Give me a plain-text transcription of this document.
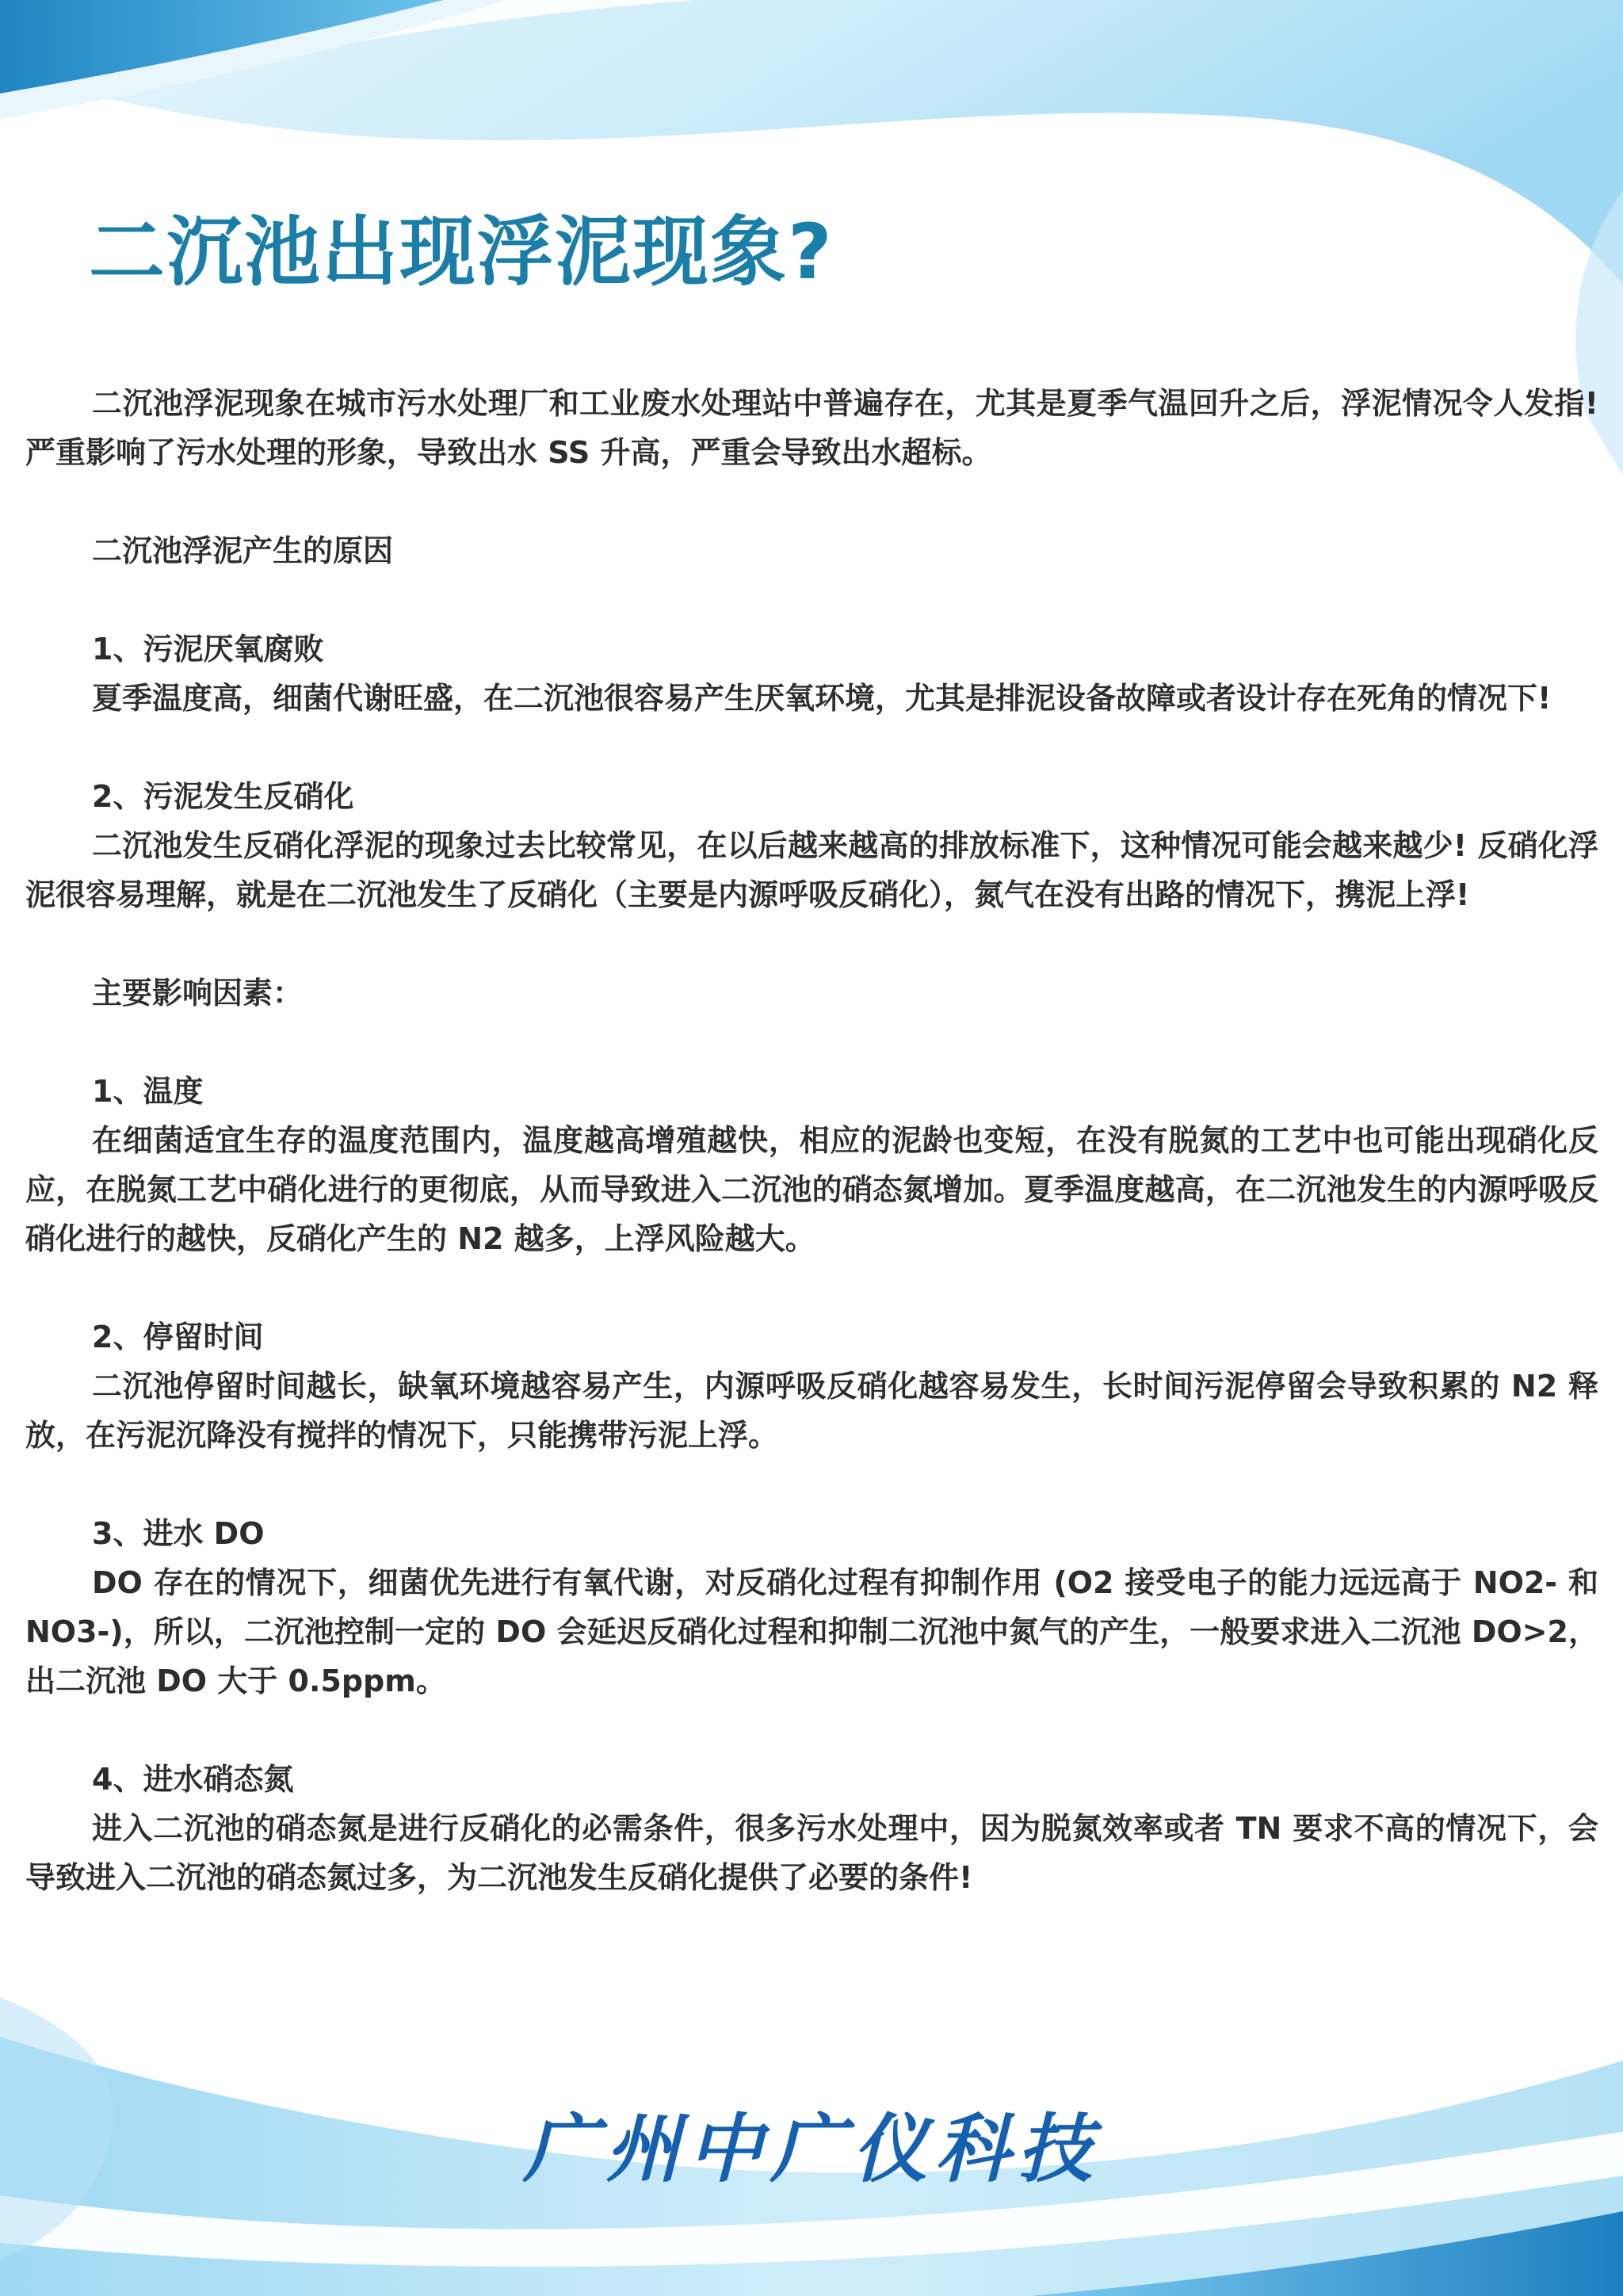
二沉池出现浮泥现象?

二沉池浮泥现象在城市污水处理厂和工业废水处理站中普遍存在，尤其是夏季气温回升之后，浮泥情况令人发指! 严重影响了污水处理的形象，导致出水 SS 升高，严重会导致出水超标。

二沉池浮泥产生的原因

1、污泥厌氧腐败

夏季温度高，细菌代谢旺盛，在二沉池很容易产生厌氧环境，尤其是排泥设备故障或者设计存在死角的情况下!

2、污泥发生反硝化

二沉池发生反硝化浮泥的现象过去比较常见，在以后越来越高的排放标准下，这种情况可能会越来越少! 反硝化浮泥很容易理解，就是在二沉池发生了反硝化（主要是内源呼吸反硝化），氮气在没有出路的情况下，携泥上浮!

主要影响因素：

1、温度

在细菌适宜生存的温度范围内，温度越高增殖越快，相应的泥龄也变短，在没有脱氮的工艺中也可能出现硝化反应，在脱氮工艺中硝化进行的更彻底，从而导致进入二沉池的硝态氮增加。夏季温度越高，在二沉池发生的内源呼吸反硝化进行的越快，反硝化产生的 N2 越多，上浮风险越大。

2、停留时间

二沉池停留时间越长，缺氧环境越容易产生，内源呼吸反硝化越容易发生，长时间污泥停留会导致积累的 N2 释放，在污泥沉降没有搅拌的情况下，只能携带污泥上浮。

3、进水 DO

DO 存在的情况下，细菌优先进行有氧代谢，对反硝化过程有抑制作用 (O2 接受电子的能力远远高于 NO2- 和 NO3-)，所以，二沉池控制一定的 DO 会延迟反硝化过程和抑制二沉池中氮气的产生，一般要求进入二沉池 DO>2，出二沉池 DO 大于 0.5ppm。

4、进水硝态氮

进入二沉池的硝态氮是进行反硝化的必需条件，很多污水处理中，因为脱氮效率或者 TN 要求不高的情况下，会导致进入二沉池的硝态氮过多，为二沉池发生反硝化提供了必要的条件!

广州中广仪科技
